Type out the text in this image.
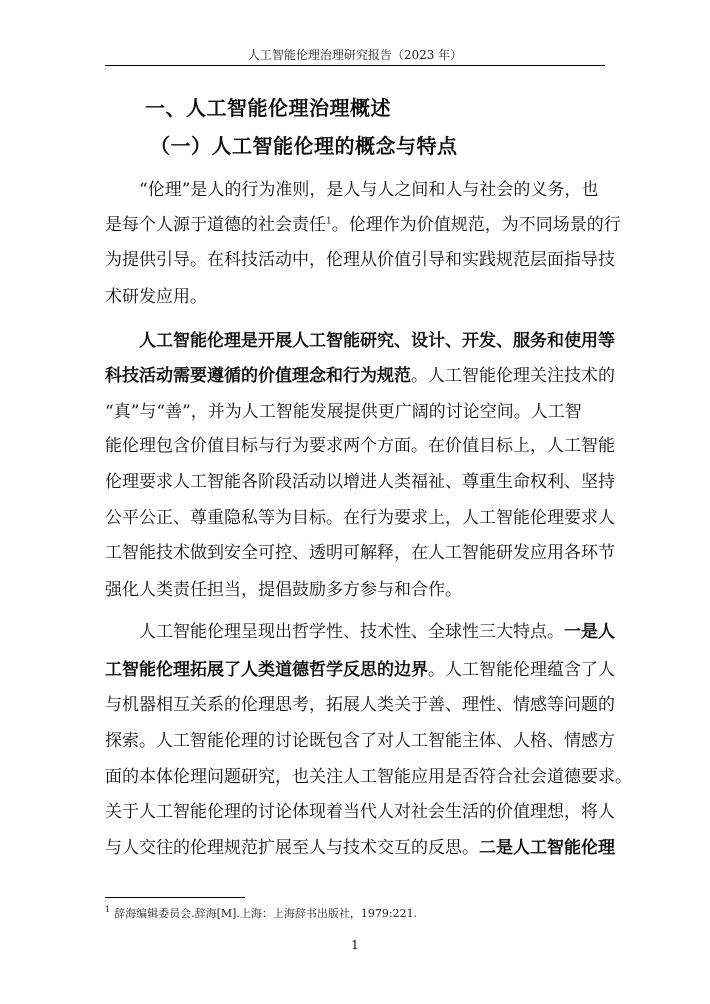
人工智能伦理治理研究报告（2023 年）
一、人工智能伦理治理概述
（一）人工智能伦理的概念与特点
“伦理”是人的行为准则，是人与人之间和人与社会的义务，也
是每个人源于道德的社会责任$^1$。伦理作为价值规范，为不同场景的行
为提供引导。在科技活动中，伦理从价值引导和实践规范层面指导技
术研发应用。
人工智能伦理是开展人工智能研究、设计、开发、服务和使用等
科技活动需要遵循的价值理念和行为规范。人工智能伦理关注技术的
“真”与“善”，并为人工智能发展提供更广阔的讨论空间。人工智
能伦理包含价值目标与行为要求两个方面。在价值目标上，人工智能
伦理要求人工智能各阶段活动以增进人类福祉、尊重生命权利、坚持
公平公正、尊重隐私等为目标。在行为要求上，人工智能伦理要求人
工智能技术做到安全可控、透明可解释，在人工智能研发应用各环节
强化人类责任担当，提倡鼓励多方参与和合作。
人工智能伦理呈现出哲学性、技术性、全球性三大特点。一是人
工智能伦理拓展了人类道德哲学反思的边界。人工智能伦理蕴含了人
与机器相互关系的伦理思考，拓展人类关于善、理性、情感等问题的
探索。人工智能伦理的讨论既包含了对人工智能主体、人格、情感方
面的本体伦理问题研究，也关注人工智能应用是否符合社会道德要求。
关于人工智能伦理的讨论体现着当代人对社会生活的价值理想，将人
与人交往的伦理规范扩展至人与技术交互的反思。二是人工智能伦理
$^1$ 辞海编辑委员会.辞海[M].上海：上海辞书出版社，1979:221.
1
